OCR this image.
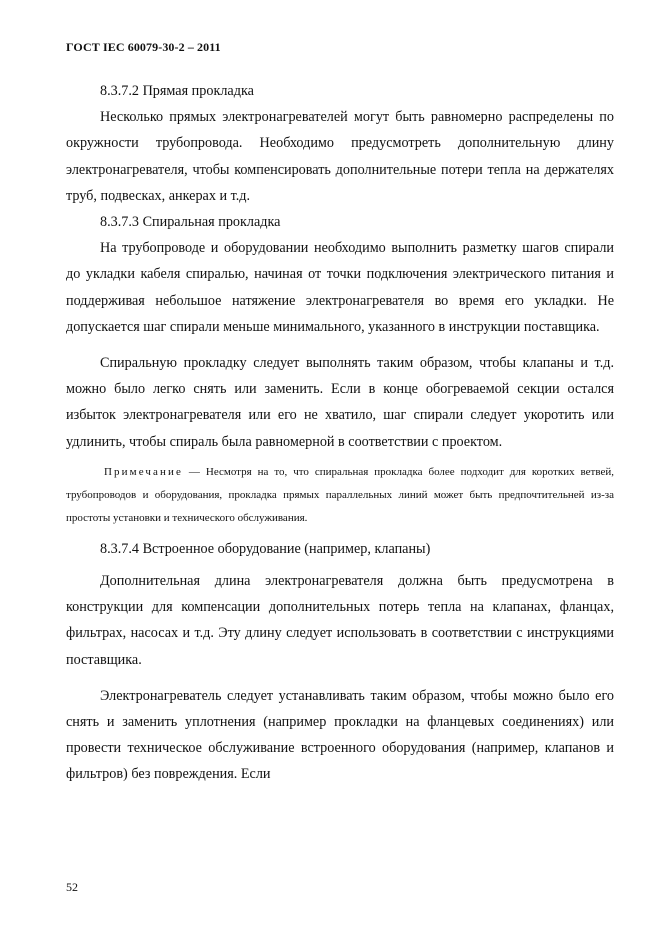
ГОСТ IEC 60079-30-2 – 2011

8.3.7.2 Прямая прокладка

Несколько прямых электронагревателей могут быть равномерно распределены по окружности трубопровода. Необходимо предусмотреть дополнительную длину электронагревателя, чтобы компенсировать дополнительные потери тепла на держателях труб, подвесках, анкерах и т.д.

8.3.7.3 Спиральная прокладка

На трубопроводе и оборудовании необходимо выполнить разметку шагов спирали до укладки кабеля спиралью, начиная от точки подключения электрического питания и поддерживая небольшое натяжение электронагревателя во время его укладки. Не допускается шаг спирали меньше минимального, указанного в инструкции поставщика.

Спиральную прокладку следует выполнять таким образом, чтобы клапаны и т.д. можно было легко снять или заменить. Если в конце обогреваемой секции остался избыток электронагревателя или его не хватило, шаг спирали следует укоротить или удлинить, чтобы спираль была равномерной в соответствии с проектом.

Примечание — Несмотря на то, что спиральная прокладка более подходит для коротких ветвей, трубопроводов и оборудования, прокладка прямых параллельных линий может быть предпочтительней из-за простоты установки и технического обслуживания.

8.3.7.4 Встроенное оборудование (например, клапаны)

Дополнительная длина электронагревателя должна быть предусмотрена в конструкции для компенсации дополнительных потерь тепла на клапанах, фланцах, фильтрах, насосах и т.д. Эту длину следует использовать в соответствии с инструкциями поставщика.

Электронагреватель следует устанавливать таким образом, чтобы можно было его снять и заменить уплотнения (например прокладки на фланцевых соединениях) или провести техническое обслуживание встроенного оборудования (например, клапанов и фильтров) без повреждения. Если

52
